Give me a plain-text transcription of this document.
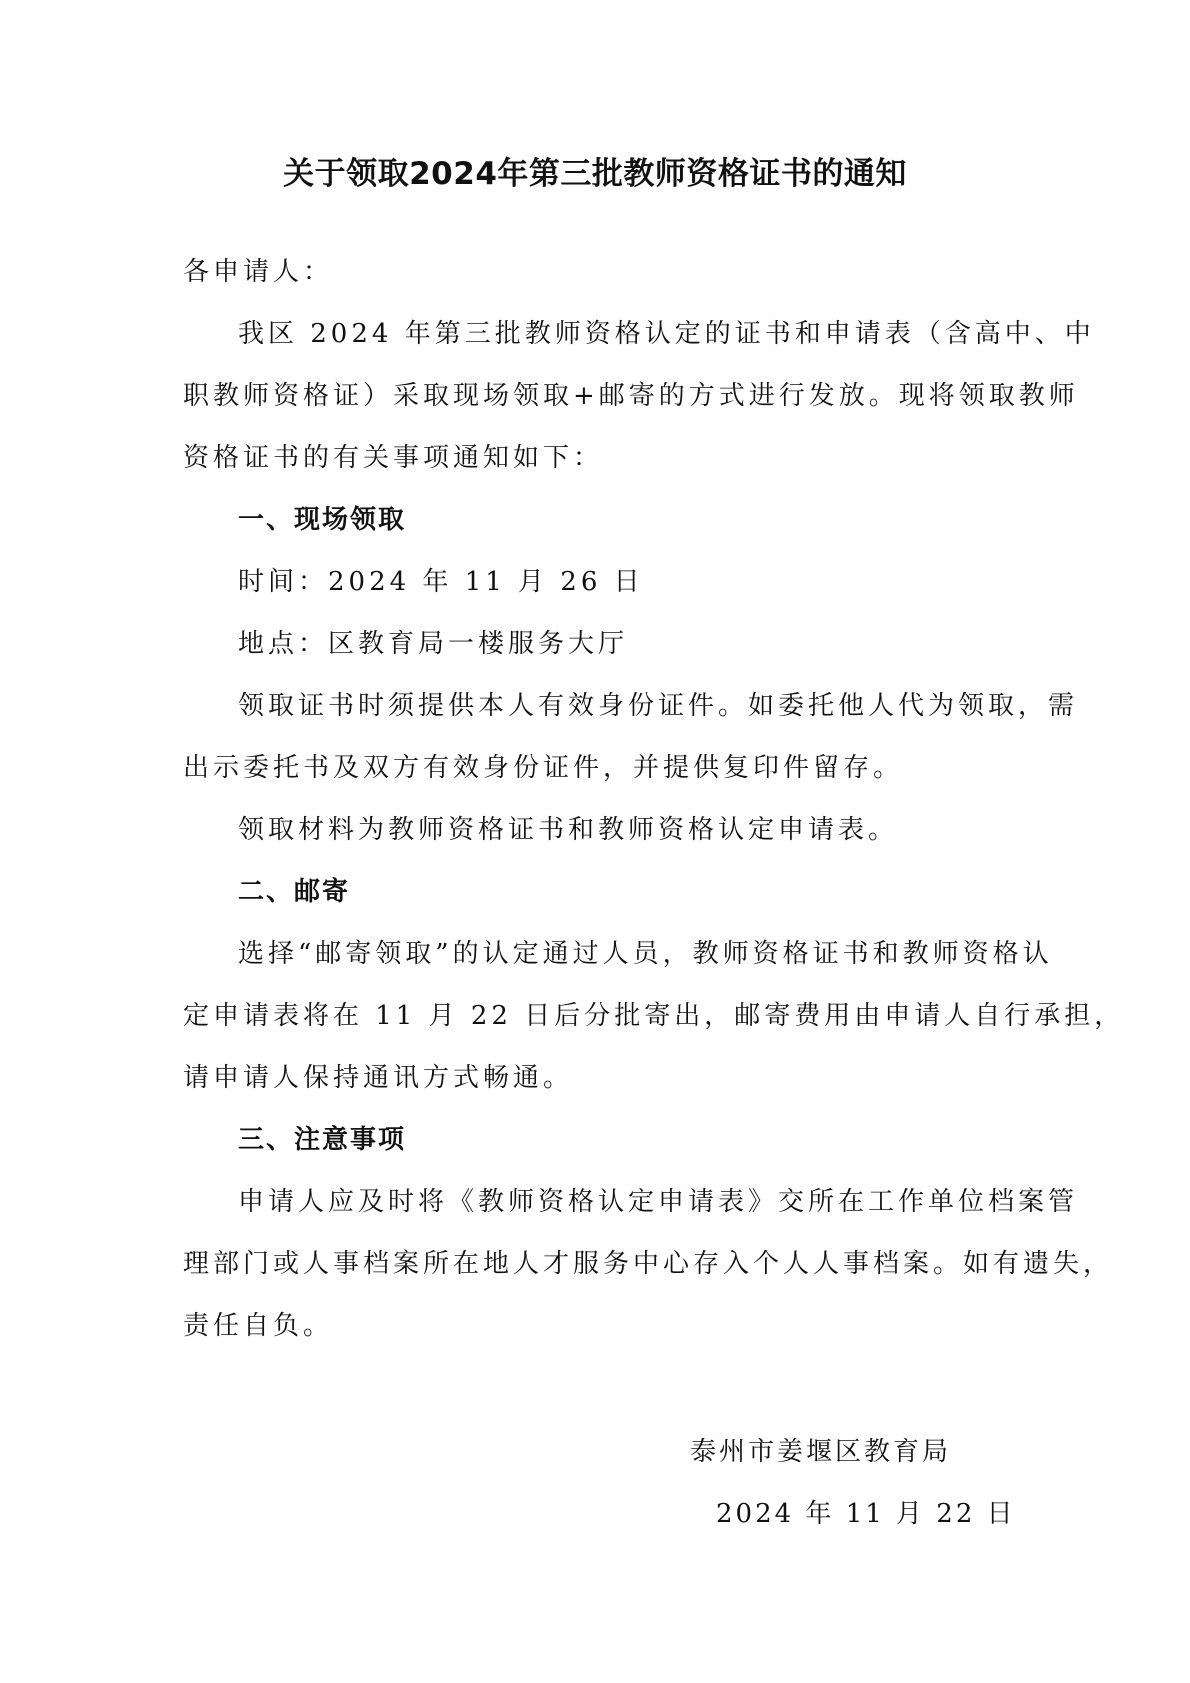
关于领取2024年第三批教师资格证书的通知
各申请人：
我区 2024 年第三批教师资格认定的证书和申请表（含高中、中
职教师资格证）采取现场领取+邮寄的方式进行发放。现将领取教师
资格证书的有关事项通知如下：
一、现场领取
时间：2024 年 11 月 26 日
地点：区教育局一楼服务大厅
领取证书时须提供本人有效身份证件。如委托他人代为领取，需
出示委托书及双方有效身份证件，并提供复印件留存。
领取材料为教师资格证书和教师资格认定申请表。
二、邮寄
选择“邮寄领取”的认定通过人员，教师资格证书和教师资格认
定申请表将在 11 月 22 日后分批寄出，邮寄费用由申请人自行承担，
请申请人保持通讯方式畅通。
三、注意事项
申请人应及时将《教师资格认定申请表》交所在工作单位档案管
理部门或人事档案所在地人才服务中心存入个人人事档案。如有遗失，
责任自负。
泰州市姜堰区教育局
2024 年 11 月 22 日
